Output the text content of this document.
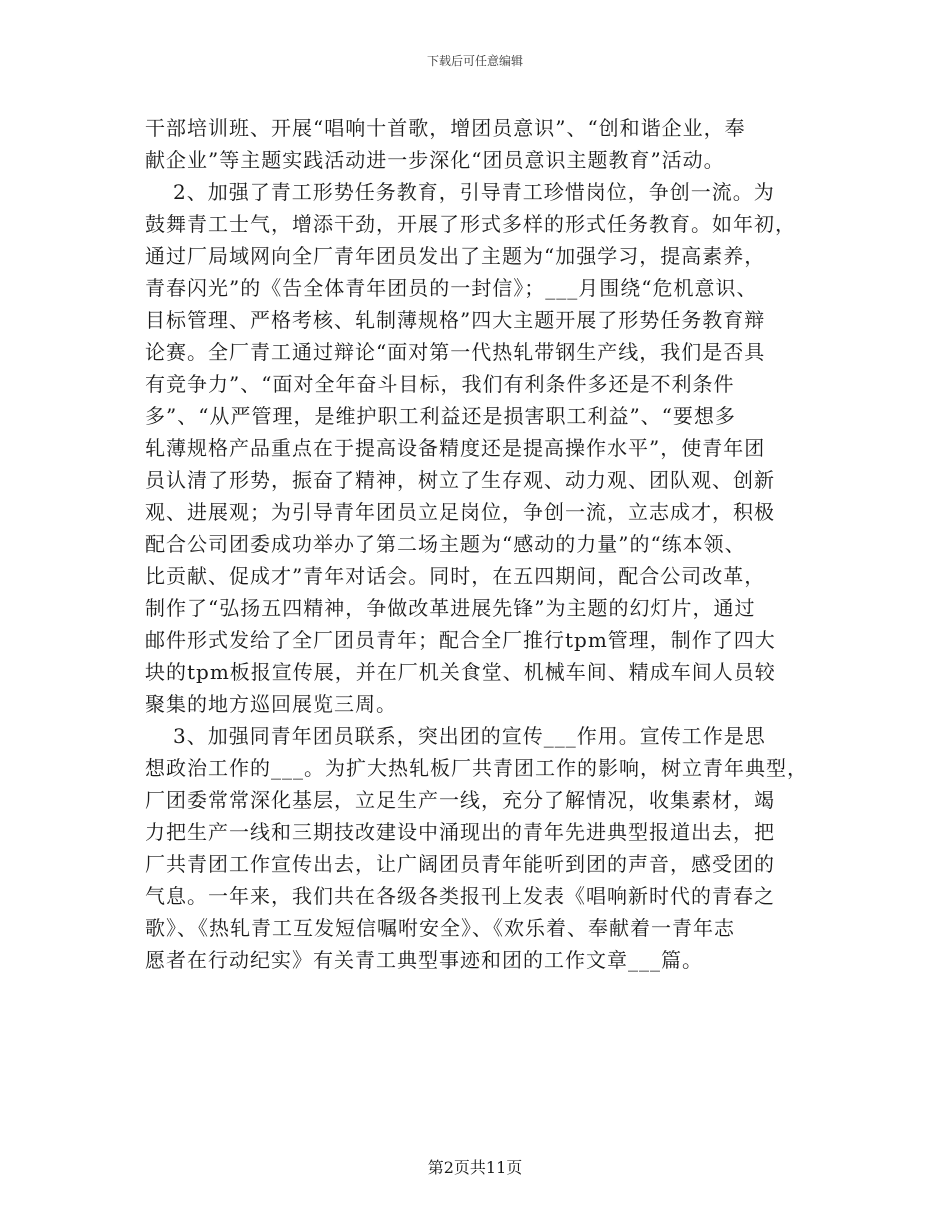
下载后可任意编辑
干部培训班、开展“唱响十首歌，增团员意识”、“创和谐企业，奉
献企业”等主题实践活动进一步深化“团员意识主题教育”活动。
2、加强了青工形势任务教育，引导青工珍惜岗位，争创一流。为
鼓舞青工士气，增添干劲，开展了形式多样的形式任务教育。如年初，
通过厂局域网向全厂青年团员发出了主题为“加强学习，提高素养，
青春闪光”的《告全体青年团员的一封信》；___月围绕“危机意识、
目标管理、严格考核、轧制薄规格”四大主题开展了形势任务教育辩
论赛。全厂青工通过辩论“面对第一代热轧带钢生产线，我们是否具
有竞争力”、“面对全年奋斗目标，我们有利条件多还是不利条件
多”、“从严管理，是维护职工利益还是损害职工利益”、“要想多
轧薄规格产品重点在于提高设备精度还是提高操作水平”，使青年团
员认清了形势，振奋了精神，树立了生存观、动力观、团队观、创新
观、进展观；为引导青年团员立足岗位，争创一流，立志成才，积极
配合公司团委成功举办了第二场主题为“感动的力量”的“练本领、
比贡献、促成才”青年对话会。同时，在五四期间，配合公司改革，
制作了“弘扬五四精神，争做改革进展先锋”为主题的幻灯片，通过
邮件形式发给了全厂团员青年；配合全厂推行tpm管理，制作了四大
块的tpm板报宣传展，并在厂机关食堂、机械车间、精成车间人员较
聚集的地方巡回展览三周。
3、加强同青年团员联系，突出团的宣传___作用。宣传工作是思
想政治工作的___。为扩大热轧板厂共青团工作的影响，树立青年典型，
厂团委常常深化基层，立足生产一线，充分了解情况，收集素材，竭
力把生产一线和三期技改建设中涌现出的青年先进典型报道出去，把
厂共青团工作宣传出去，让广阔团员青年能听到团的声音，感受团的
气息。一年来，我们共在各级各类报刊上发表《唱响新时代的青春之
歌》、《热轧青工互发短信嘱咐安全》、《欢乐着、奉献着一青年志
愿者在行动纪实》有关青工典型事迹和团的工作文章___篇。
第2页共11页
